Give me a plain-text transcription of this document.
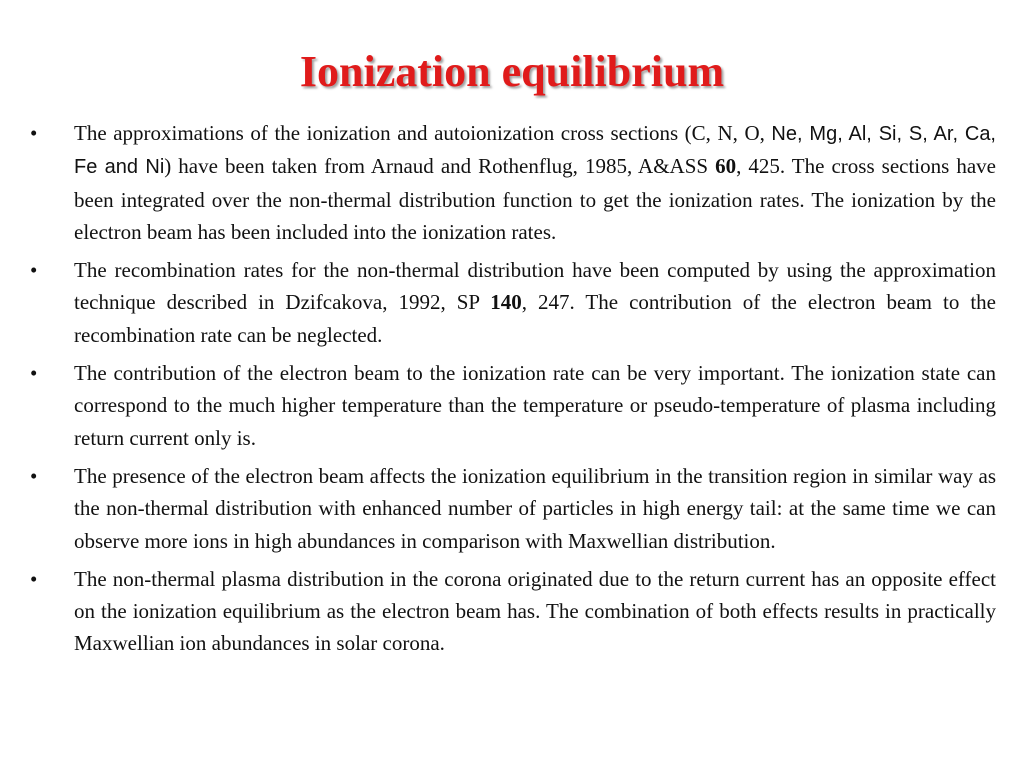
Ionization equilibrium
•	The approximations of the ionization and autoionization cross sections (C, N, O, Ne, Mg, Al, Si, S, Ar, Ca, Fe and Ni) have been taken from Arnaud and Rothenflug, 1985, A&ASS 60, 425. The cross sections have been integrated over the non-thermal distribution function to get the ionization rates. The ionization by the electron beam has been included into the ionization rates.
•	The recombination rates for the non-thermal distribution have been computed by using the approximation technique described in Dzifcakova, 1992, SP 140, 247. The contribution of the electron beam to the recombination rate can be neglected.
•	The contribution of the electron beam to the ionization rate can be very important. The ionization state can correspond to the much higher temperature than the temperature or pseudo-temperature of plasma including return current only is.
•	The presence of the electron beam affects the ionization equilibrium in the transition region in similar way as the non-thermal distribution with enhanced number of particles in high energy tail: at the same time we can observe more ions in high abundances in comparison with Maxwellian distribution.
•	The non-thermal plasma distribution in the corona originated due to the return current has an opposite effect on the ionization equilibrium as the electron beam has. The combination of both effects results in practically Maxwellian ion abundances in solar corona.
